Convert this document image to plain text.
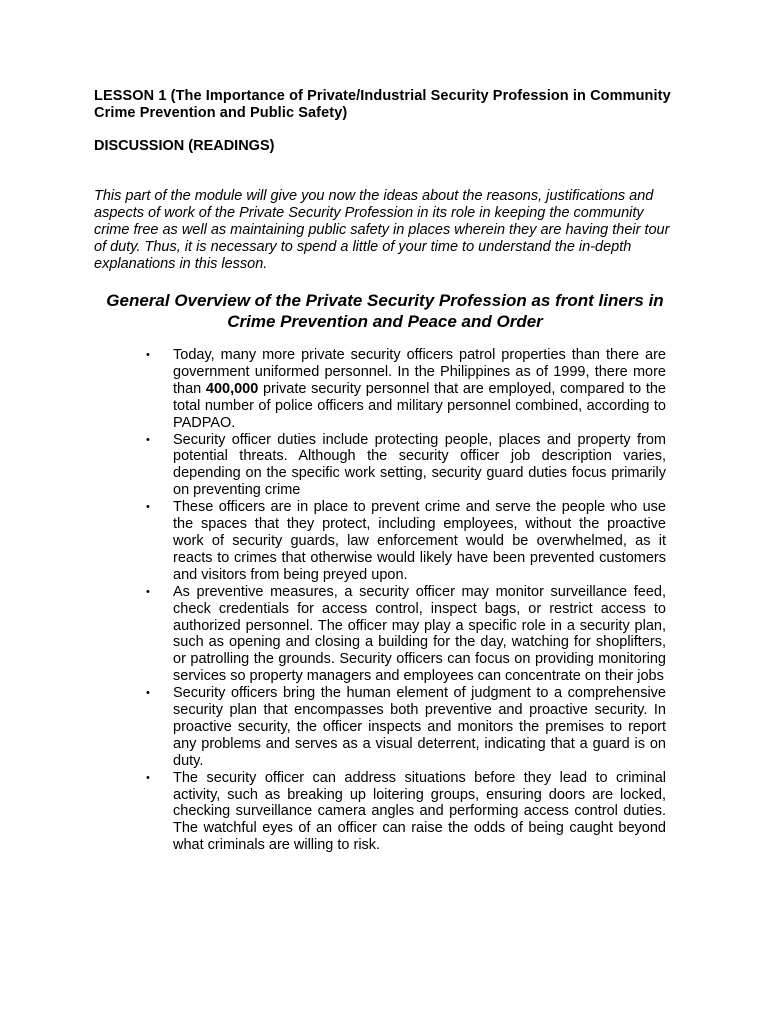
LESSON 1 (The Importance of Private/Industrial Security Profession in Community Crime Prevention and Public Safety)

DISCUSSION (READINGS)

This part of the module will give you now the ideas about the reasons, justifications and aspects of work of the Private Security Profession in its role in keeping the community crime free as well as maintaining public safety in places wherein they are having their tour of duty. Thus, it is necessary to spend a little of your time to understand the in-depth explanations in this lesson.

General Overview of the Private Security Profession as front liners in Crime Prevention and Peace and Order
•	Today, many more private security officers patrol properties than there are government uniformed personnel. In the Philippines as of 1999, there more than 400,000 private security personnel that are employed, compared to the total number of police officers and military personnel combined, according to PADPAO.
•	Security officer duties include protecting people, places and property from potential threats. Although the security officer job description varies, depending on the specific work setting, security guard duties focus primarily on preventing crime
•	These officers are in place to prevent crime and serve the people who use the spaces that they protect, including employees, without the proactive work of security guards, law enforcement would be overwhelmed, as it reacts to crimes that otherwise would likely have been prevented customers and visitors from being preyed upon.
•	As preventive measures, a security officer may monitor surveillance feed, check credentials for access control, inspect bags, or restrict access to authorized personnel. The officer may play a specific role in a security plan, such as opening and closing a building for the day, watching for shoplifters, or patrolling the grounds. Security officers can focus on providing monitoring services so property managers and employees can concentrate on their jobs
•	Security officers bring the human element of judgment to a comprehensive security plan that encompasses both preventive and proactive security. In proactive security, the officer inspects and monitors the premises to report any problems and serves as a visual deterrent, indicating that a guard is on duty.
•	The security officer can address situations before they lead to criminal activity, such as breaking up loitering groups, ensuring doors are locked, checking surveillance camera angles and performing access control duties. The watchful eyes of an officer can raise the odds of being caught beyond what criminals are willing to risk.
